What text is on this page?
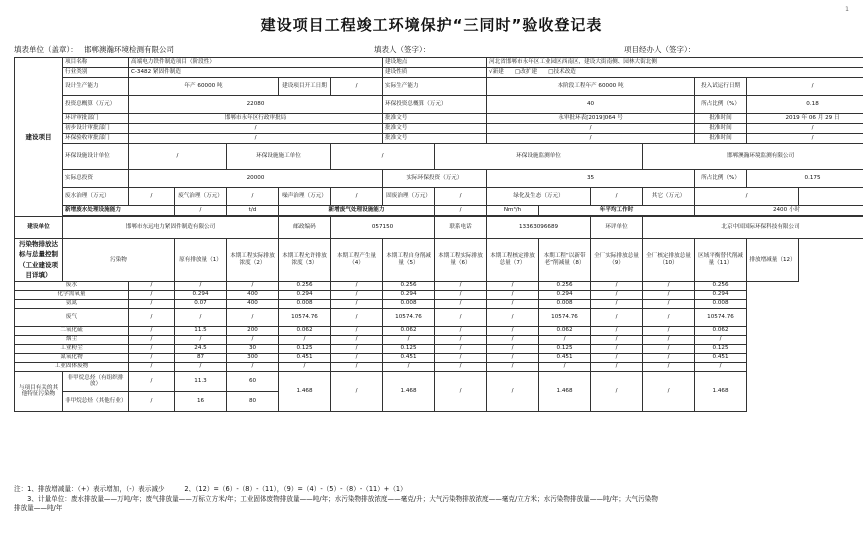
1
建设项目工程竣工环境保护“三同时”验收登记表
填表单位（盖章）： 邯郸澳瀚环境检测有限公司	填表人（签字）：	项目经办人（签字）：
建设项目	项目名称	高端电力铁件制造项目（阶段性）					建设地点		河北省邯郸市永年区工业园区西南区，建设大街南侧、园林大街北侧					
	行业类别	C-3482 紧固件制造					建设性质		√新建　　□改扩建　　□技术改造					
	设计生产能力	年产 60000 吨			建设项目开工日期	/	实际生产能力		本阶段工程年产 60000 吨				投入试运行日期	/
	投资总概算（万元）	22080					环保投资总概算（万元）		40				所占比例（%）	0.18
	环评审批部门	邯郸市永年区行政审批局					批准文号		永审批环表[2019]064 号				批准时间	2019 年 06 月 29 日
	初步设计审批部门	/					批准文号		/				批准时间	/
	环保验收审批部门	/					批准文号		/				批准时间	/
	环保设施设计单位	/		环保设施施工单位		/		环保设施监测单位				邯郸澳瀚环境监测有限公司		
	实际总投资	20000					实际环保投资（万元）		35				所占比例（%）	0.175
	废水治理（万元）	/	废气治理（万元）	/	噪声治理（万元）	/	固废治理（万元）	/	绿化及生态（万元）		/	其它（万元）	/	
	新增废水处理设施能力		/	t/d	新增废气处理设施能力			/	Nm³/h	年平均工作时			2400 小时	

建设单位	邯郸市东远电力紧固件制造有限公司				邮政编码	057150		联系电话	13363096689		环评单位	北京中国国际环保科技有限公司		
污染物排放达标与总量控制（工业建设项目详填）	污染物		原有排放量（1）	本期工程实际排放浓度（2）	本期工程允许排放浓度（3）	本期工程产生量（4）	本期工程自身削减量（5）	本期工程实际排放量（6）	本期工程核定排放总量（7）	本期工程“以新带老”削减量（8）	全厂实际排放总量（9）	全厂核定排放总量（10）	区域平衡替代削减量（11）	排放增减量（12）
废水		/	/	/	0.256	/	0.256	/	/	0.256	/	/	0.256	
化学需氧量		/	0.294	400	0.294	/	0.294	/	/	0.294	/	/	0.294	
氨氮		/	0.07	400	0.008	/	0.008	/	/	0.008	/	/	0.008	
废气		/	/	/	10574.76	/	10574.76	/	/	10574.76	/	/	10574.76	
二氧化硫		/	11.5	200	0.062	/	0.062	/	/	0.062	/	/	0.062	
烟尘		/	/	/	/	/	/	/	/	/	/	/	/	
工业粉尘		/	24.5	30	0.125	/	0.125	/	/	0.125	/	/	0.125	
氮氧化物		/	87	300	0.451	/	0.451	/	/	0.451	/	/	0.451	
工业固体废物		/	/	/	/	/	/	/	/	/	/	/	/	
与项目有关的其他特征污染物	非甲烷总烃（有组织排放）	/	11.3	60	1.468	/	1.468	/	/	1.468	/	/	1.468	
	非甲烷总烃（其他行业）	/	16	80										
注：1、排放增减量：（+）表示增加，（-）表示减少　　　2、（12）=（6）-（8）-（11），（9）=（4）-（5）-（8）-（11）+（1）
　　3、计量单位：废水排放量——万吨/年；废气排放量——万标立方米/年；工业固体废物排放量——吨/年；水污染物排放浓度——毫克/升；大气污染物排放浓度——毫克/立方米；水污染物排放量——吨/年；大气污染物
排放量——吨/年
